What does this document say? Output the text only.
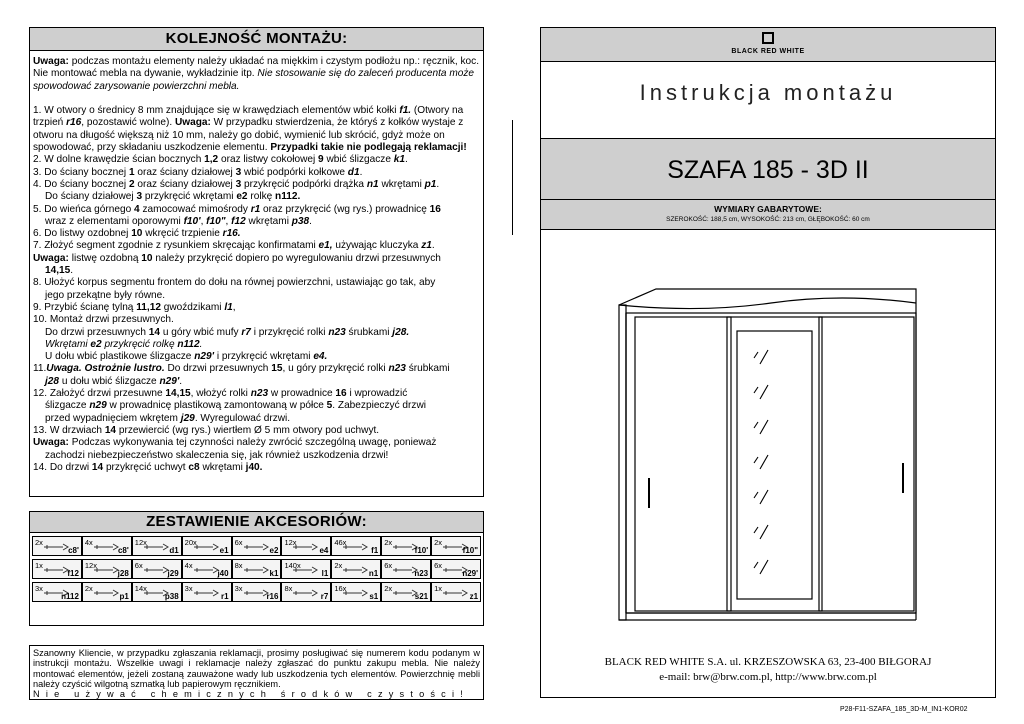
KOLEJNOŚĆ MONTAŻU:

Uwaga: podczas montażu elementy należy układać na miękkim i czystym podłożu np.: ręcznik, koc. Nie montować mebla na dywanie, wykładzinie itp. Nie stosowanie się do zaleceń producenta może spowodować zarysowanie powierzchni mebla.

1. W otwory o średnicy 8 mm znajdujące się w krawędziach elementów wbić kołki f1. (Otwory na trzpień r16, pozostawić wolne). Uwaga: W przypadku stwierdzenia, że któryś z kołków wystaje z otworu na długość większą niż 10 mm, należy go dobić, wymienić lub skrócić, gdyż może on spowodować, przy składaniu uszkodzenie elementu. Przypadki takie nie podlegają reklamacji!

2. W dolne krawędzie ścian bocznych 1,2 oraz listwy cokołowej 9 wbić ślizgacze k1.

3. Do ściany bocznej 1 oraz ściany działowej 3 wbić podpórki kołkowe d1.

4. Do ściany bocznej 2 oraz ściany działowej 3 przykręcić podpórki drążka n1 wkrętami p1.

Do ściany działowej 3 przykręcić wkrętami e2 rolkę n112.

5. Do wieńca górnego 4 zamocować mimośrody r1 oraz przykręcić (wg rys.) prowadnicę 16

wraz z elementami oporowymi f10', f10", f12 wkrętami p38.

6. Do listwy ozdobnej 10 wkręcić trzpienie r16.

7. Złożyć segment zgodnie z rysunkiem skręcając konfirmatami e1, używając kluczyka z1.

Uwaga: listwę ozdobną 10 należy przykręcić dopiero po wyregulowaniu drzwi przesuwnych

14,15.

8. Ułożyć korpus segmentu frontem do dołu na równej powierzchni, ustawiając go tak, aby

jego przekątne były równe.

9. Przybić ścianę tylną 11,12 gwoździkami l1,

10. Montaż drzwi przesuwnych.

Do drzwi przesuwnych 14 u góry wbić mufy r7 i przykręcić rolki n23 śrubkami j28.

Wkrętami e2 przykręcić rolkę n112.

U dołu wbić plastikowe ślizgacze n29' i przykręcić wkrętami e4.

11.Uwaga. Ostrożnie lustro. Do drzwi przesuwnych 15, u góry przykręcić rolki n23 śrubkami

j28 u dołu wbić ślizgacze n29'.

12. Założyć drzwi przesuwne 14,15, włożyć rolki n23 w prowadnice 16 i wprowadzić

ślizgacze n29 w prowadnicę plastikową zamontowaną w półce 5. Zabezpieczyć drzwi

przed wypadnięciem wkrętem j29. Wyregulować drzwi.

13. W drzwiach 14 przewiercić (wg rys.) wiertłem Ø 5 mm otwory pod uchwyt.

Uwaga: Podczas wykonywania tej czynności należy zwrócić szczególną uwagę, ponieważ

zachodzi niebezpieczeństwo skaleczenia się, jak również uszkodzenia drzwi!

14. Do drzwi 14 przykręcić uchwyt c8 wkrętami j40.

ZESTAWIENIE AKCESORIÓW:
2x
c8'
4x
c8'
12x
d1
20x
e1
6x
e2
12x
e4
46x
f1
2x
f10'
2x
f10"
1x
f12
12x
j28
6x
j29
4x
j40
8x
k1
140x
l1
2x
n1
6x
n23
6x
n29'
3x
n112
2x
p1
14x
p38
3x
r1
3x
r16
8x
r7
16x
s1
2x
s21
1x
z1
Szanowny Kliencie, w przypadku zgłaszania reklamacji, prosimy posługiwać się numerem kodu podanym w instrukcji montażu. Wszelkie uwagi i reklamacje należy zgłaszać do punktu zakupu mebla. Nie należy montować elementów, jeżeli zostaną zauważone wady lub uszkodzenia tych elementów. Powierzchnię mebli należy czyścić wilgotną szmatką lub papierowym ręcznikiem.
Nie używać chemicznych środków czystości!
BLACK RED WHITE
Instrukcja montażu
SZAFA 185 - 3D II
WYMIARY GABARYTOWE:
SZEROKOŚĆ: 188,5 cm, WYSOKOŚĆ: 213 cm, GŁĘBOKOŚĆ: 60 cm
BLACK RED WHITE S.A. ul. KRZESZOWSKA 63, 23-400 BIŁGORAJ
e-mail: brw@brw.com.pl, http://www.brw.com.pl
P28-F11-SZAFA_185_3D-M_IN1-KOR02
